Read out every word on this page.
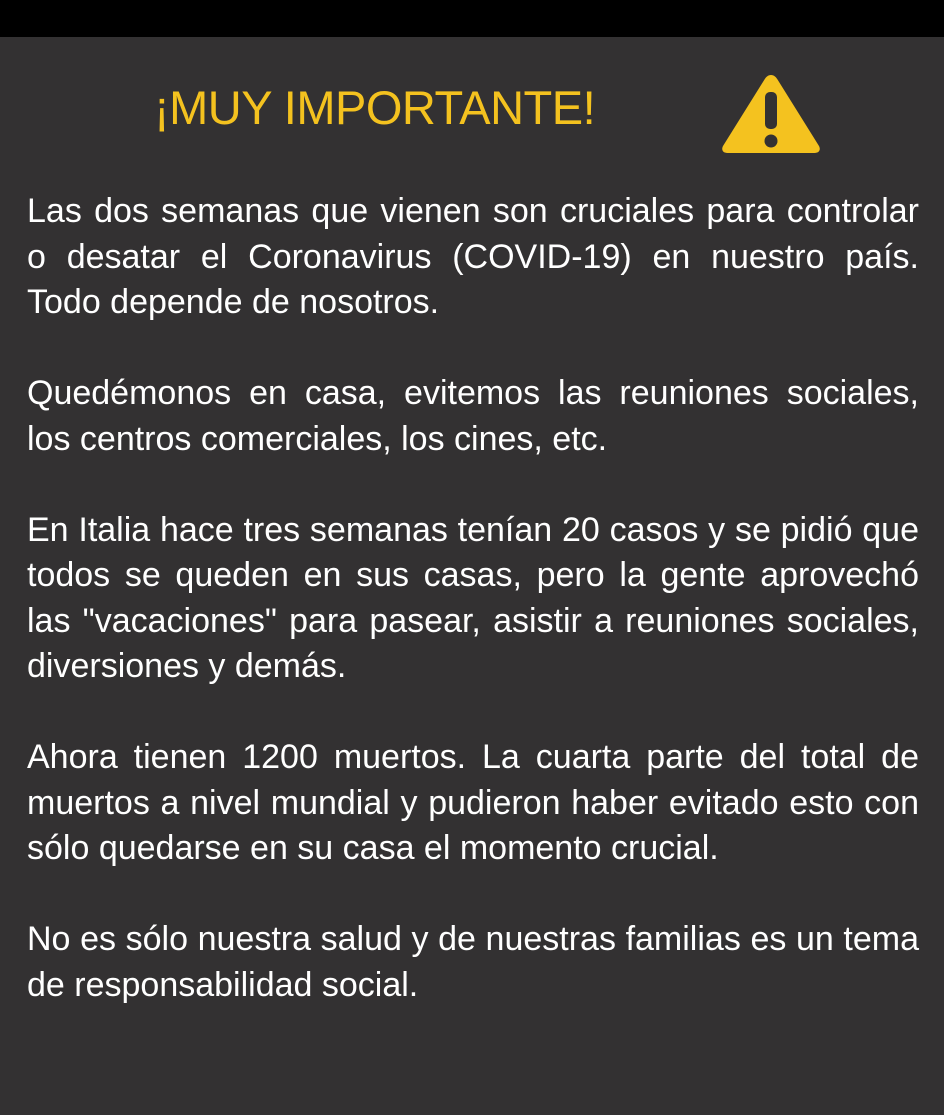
¡MUY IMPORTANTE!

Las dos semanas que vienen son cruciales para controlar o desatar el Coronavirus (COVID-19) en nuestro país. Todo depende de nosotros.

Quedémonos en casa, evitemos las reuniones sociales, los centros comerciales, los cines, etc.

En Italia hace tres semanas tenían 20 casos y se pidió que todos se queden en sus casas, pero la gente aprovechó las "vacaciones" para pasear, asistir a reuniones sociales, diversiones y demás.

Ahora tienen 1200 muertos. La cuarta parte del total de muertos a nivel mundial y pudieron haber evitado esto con sólo quedarse en su casa el momento crucial.

No es sólo nuestra salud y de nuestras familias es un tema de responsabilidad social.
